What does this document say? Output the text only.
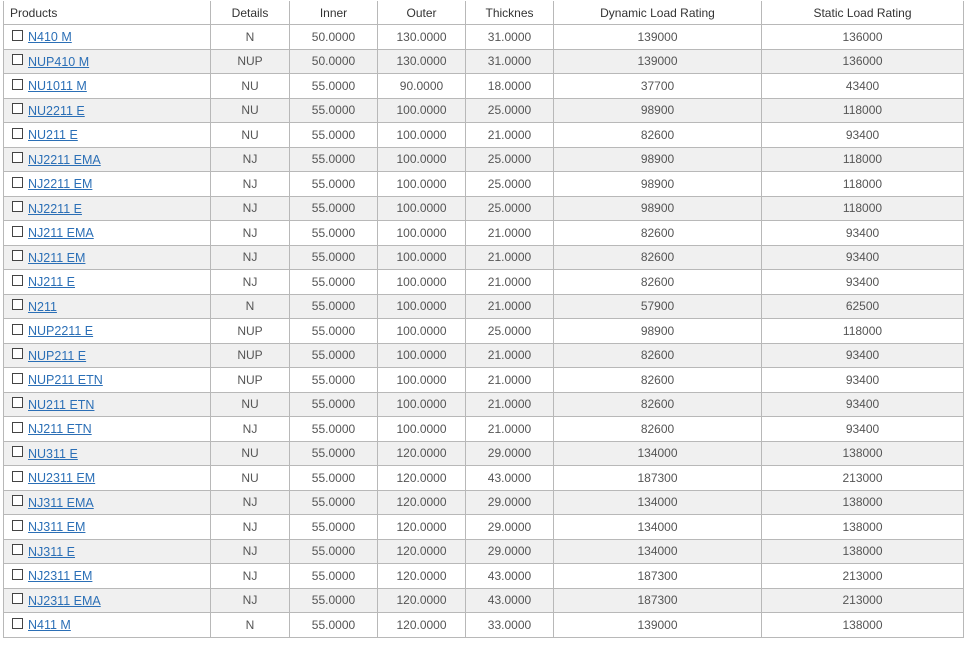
Products	Details	Inner	Outer	Thicknes	Dynamic Load Rating	Static Load Rating
N410 M	N	50.0000	130.0000	31.0000	139000	136000
NUP410 M	NUP	50.0000	130.0000	31.0000	139000	136000
NU1011 M	NU	55.0000	90.0000	18.0000	37700	43400
NU2211 E	NU	55.0000	100.0000	25.0000	98900	118000
NU211 E	NU	55.0000	100.0000	21.0000	82600	93400
NJ2211 EMA	NJ	55.0000	100.0000	25.0000	98900	118000
NJ2211 EM	NJ	55.0000	100.0000	25.0000	98900	118000
NJ2211 E	NJ	55.0000	100.0000	25.0000	98900	118000
NJ211 EMA	NJ	55.0000	100.0000	21.0000	82600	93400
NJ211 EM	NJ	55.0000	100.0000	21.0000	82600	93400
NJ211 E	NJ	55.0000	100.0000	21.0000	82600	93400
N211	N	55.0000	100.0000	21.0000	57900	62500
NUP2211 E	NUP	55.0000	100.0000	25.0000	98900	118000
NUP211 E	NUP	55.0000	100.0000	21.0000	82600	93400
NUP211 ETN	NUP	55.0000	100.0000	21.0000	82600	93400
NU211 ETN	NU	55.0000	100.0000	21.0000	82600	93400
NJ211 ETN	NJ	55.0000	100.0000	21.0000	82600	93400
NU311 E	NU	55.0000	120.0000	29.0000	134000	138000
NU2311 EM	NU	55.0000	120.0000	43.0000	187300	213000
NJ311 EMA	NJ	55.0000	120.0000	29.0000	134000	138000
NJ311 EM	NJ	55.0000	120.0000	29.0000	134000	138000
NJ311 E	NJ	55.0000	120.0000	29.0000	134000	138000
NJ2311 EM	NJ	55.0000	120.0000	43.0000	187300	213000
NJ2311 EMA	NJ	55.0000	120.0000	43.0000	187300	213000
N411 M	N	55.0000	120.0000	33.0000	139000	138000
